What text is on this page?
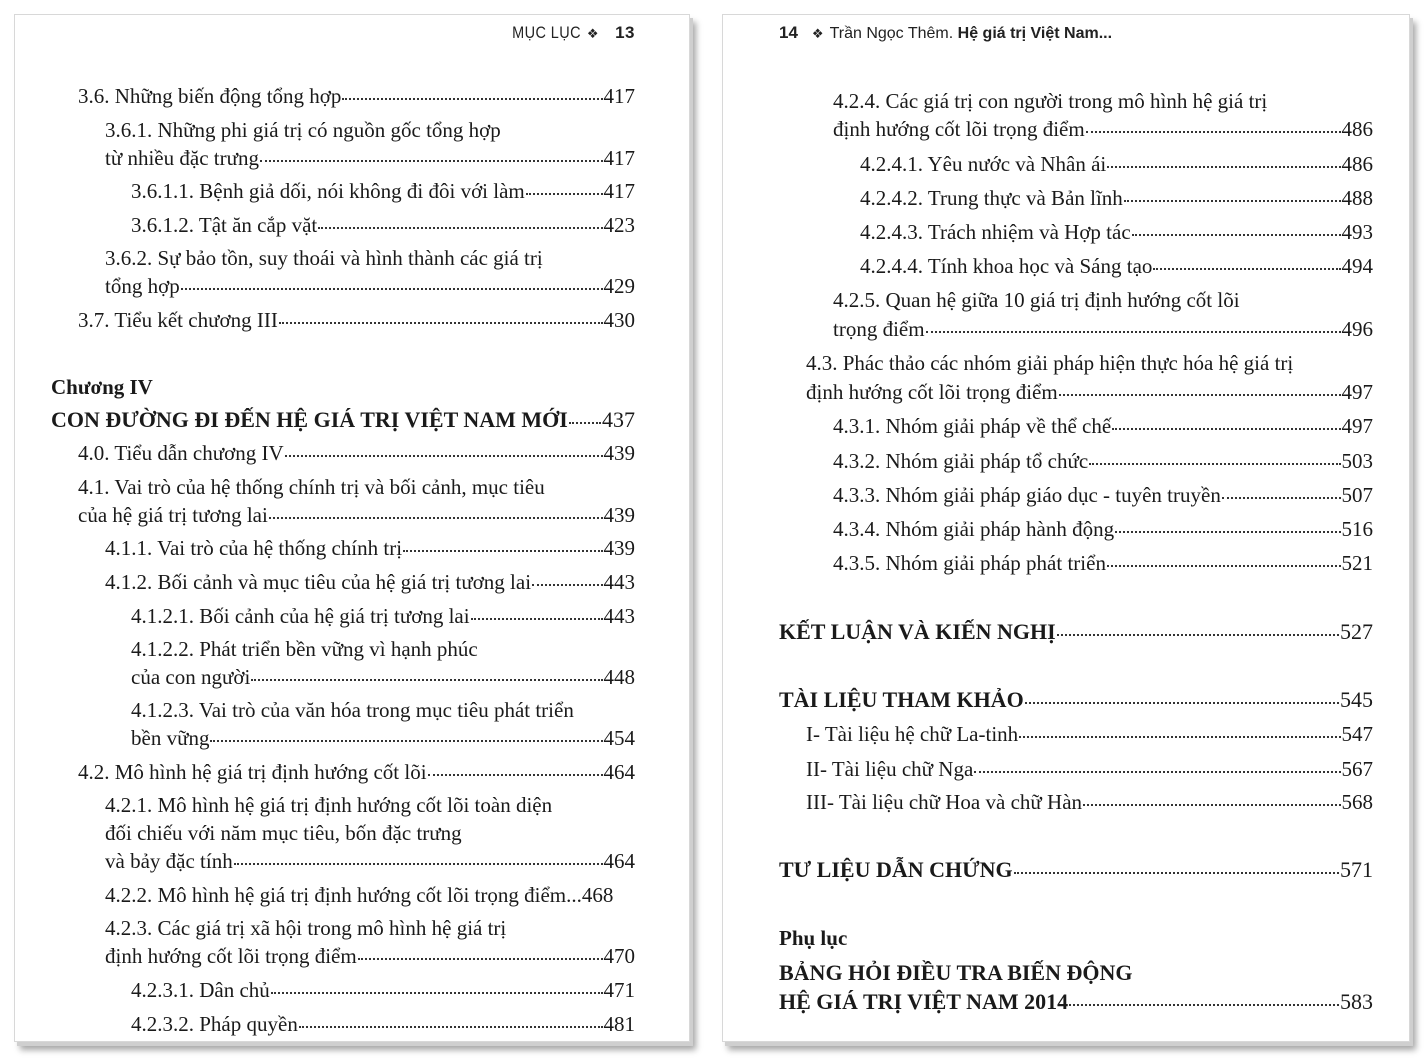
MỤC LỤC ❖ 13
3.6. Những biến động tổng hợp	417
3.6.1. Những phi giá trị có nguồn gốc tổng hợp
từ nhiều đặc trưng	417
3.6.1.1. Bệnh giả dối, nói không đi đôi với làm	417
3.6.1.2. Tật ăn cắp vặt	423
3.6.2. Sự bảo tồn, suy thoái và hình thành các giá trị
tổng hợp	429
3.7. Tiểu kết chương III	430
Chương IV
CON ĐƯỜNG ĐI ĐẾN HỆ GIÁ TRỊ VIỆT NAM MỚI 437
4.0. Tiểu dẫn chương IV	439
4.1. Vai trò của hệ thống chính trị và bối cảnh, mục tiêu
của hệ giá trị tương lai	439
4.1.1. Vai trò của hệ thống chính trị	439
4.1.2. Bối cảnh và mục tiêu của hệ giá trị tương lai	443
4.1.2.1. Bối cảnh của hệ giá trị tương lai	443
4.1.2.2. Phát triển bền vững vì hạnh phúc
của con người	448
4.1.2.3. Vai trò của văn hóa trong mục tiêu phát triển
bền vững	454
4.2. Mô hình hệ giá trị định hướng cốt lõi	464
4.2.1. Mô hình hệ giá trị định hướng cốt lõi toàn diện
đối chiếu với năm mục tiêu, bốn đặc trưng
và bảy đặc tính	464
4.2.2. Mô hình hệ giá trị định hướng cốt lõi trọng điểm... 468
4.2.3. Các giá trị xã hội trong mô hình hệ giá trị
định hướng cốt lõi trọng điểm	470
4.2.3.1. Dân chủ	471
4.2.3.2. Pháp quyền	481
14 ❖ Trần Ngọc Thêm. Hệ giá trị Việt Nam...
4.2.4. Các giá trị con người trong mô hình hệ giá trị
định hướng cốt lõi trọng điểm	486
4.2.4.1. Yêu nước và Nhân ái	486
4.2.4.2. Trung thực và Bản lĩnh	488
4.2.4.3. Trách nhiệm và Hợp tác	493
4.2.4.4. Tính khoa học và Sáng tạo	494
4.2.5. Quan hệ giữa 10 giá trị định hướng cốt lõi
trọng điểm	496
4.3. Phác thảo các nhóm giải pháp hiện thực hóa hệ giá trị
định hướng cốt lõi trọng điểm	497
4.3.1. Nhóm giải pháp về thể chế	497
4.3.2. Nhóm giải pháp tổ chức	503
4.3.3. Nhóm giải pháp giáo dục - tuyên truyền	507
4.3.4. Nhóm giải pháp hành động	516
4.3.5. Nhóm giải pháp phát triển	521
KẾT LUẬN VÀ KIẾN NGHỊ	527
TÀI LIỆU THAM KHẢO	545
I- Tài liệu hệ chữ La-tinh	547
II- Tài liệu chữ Nga	567
III- Tài liệu chữ Hoa và chữ Hàn	568
TƯ LIỆU DẪN CHỨNG	571
Phụ lục
BẢNG HỎI ĐIỀU TRA BIẾN ĐỘNG
HỆ GIÁ TRỊ VIỆT NAM 2014	583
